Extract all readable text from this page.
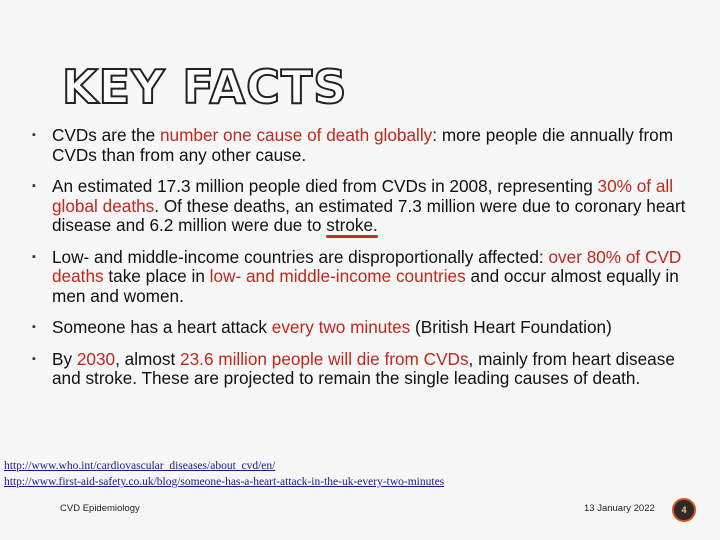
KEY FACTS
▪ CVDs are the number one cause of death globally: more people die annually from CVDs than from any other cause.
▪ An estimated 17.3 million people died from CVDs in 2008, representing 30% of all global deaths. Of these deaths, an estimated 7.3 million were due to coronary heart disease and 6.2 million were due to stroke.
▪ Low- and middle-income countries are disproportionally affected: over 80% of CVD deaths take place in low- and middle-income countries and occur almost equally in men and women.
▪ Someone has a heart attack every two minutes (British Heart Foundation)
▪ By 2030, almost 23.6 million people will die from CVDs, mainly from heart disease and stroke. These are projected to remain the single leading causes of death.
http://www.who.int/cardiovascular_diseases/about_cvd/en/
http://www.first-aid-safety.co.uk/blog/someone-has-a-heart-attack-in-the-uk-every-two-minutes
CVD Epidemiology	13 January 2022	4
